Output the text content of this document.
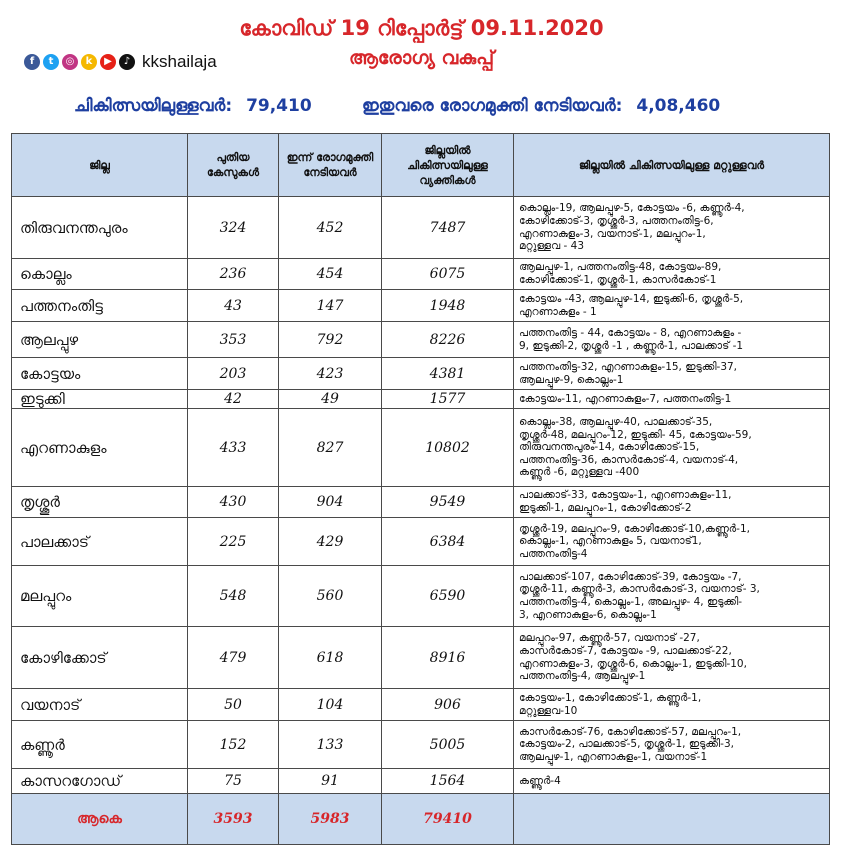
കോവിഡ് 19 റിപ്പോർട്ട് 09.11.2020
ആരോഗ്യ വകുപ്പ്
f	t	◎	k	▶	♪ kkshailaja
ചികിത്സയിലുള്ളവർ: 79,410	ഇതുവരെ രോഗമുക്തി നേടിയവർ: 4,08,460
ജില്ല	പുതിയ കേസുകൾ	ഇന്ന് രോഗമുക്തി നേടിയവർ	ജില്ലയിൽ ചികിത്സയിലുള്ള വ്യക്തികൾ	ജില്ലയിൽ ചികിത്സയിലുള്ള മറ്റുള്ളവർ
തിരുവനന്തപുരം	324	452	7487	കൊല്ലം-19, ആലപ്പുഴ-5, കോട്ടയം -6, കണ്ണൂർ-4,
കോഴിക്കോട്-3, തൃശ്ശൂർ-3, പത്തനംതിട്ട-6,
എറണാകുളം-3, വയനാട്-1, മലപ്പുറം-1,
മറ്റുള്ളവ - 43
കൊല്ലം	236	454	6075	ആലപ്പുഴ-1, പത്തനംതിട്ട-48, കോട്ടയം-89,
കോഴിക്കോട്-1, തൃശ്ശൂർ-1, കാസർകോട്-1
പത്തനംതിട്ട	43	147	1948	കോട്ടയം -43, ആലപ്പുഴ-14, ഇടുക്കി-6, തൃശ്ശൂർ-5,
എറണാകുളം - 1
ആലപ്പുഴ	353	792	8226	പത്തനംതിട്ട - 44, കോട്ടയം - 8, എറണാകുളം -
9, ഇടുക്കി-2, തൃശ്ശൂർ -1 , കണ്ണൂർ-1, പാലക്കാട് -1
കോട്ടയം	203	423	4381	പത്തനംതിട്ട-32, എറണാകുളം-15, ഇടുക്കി-37,
ആലപ്പുഴ-9, കൊല്ലം-1
ഇടുക്കി	42	49	1577	കോട്ടയം-11, എറണാകുളം-7, പത്തനംതിട്ട-1
എറണാകുളം	433	827	10802	കൊല്ലം-38, ആലപ്പുഴ-40, പാലക്കാട്-35,
തൃശ്ശൂർ-48, മലപ്പുറം-12, ഇടുക്കി- 45, കോട്ടയം-59,
തിരുവനന്തപുരം-14, കോഴിക്കോട്-15,
പത്തനംതിട്ട-36, കാസർകോട്-4, വയനാട്-4,
കണ്ണൂർ -6, മറ്റുള്ളവ -400
തൃശ്ശൂർ	430	904	9549	പാലക്കാട്-33, കോട്ടയം-1, എറണാകുളം-11,
ഇടുക്കി-1, മലപ്പുറം-1, കോഴിക്കോട്-2
പാലക്കാട്	225	429	6384	തൃശ്ശൂർ-19, മലപ്പുറം-9, കോഴിക്കോട്-10,കണ്ണൂർ-1,
കൊല്ലം-1, എറണാകുളം 5, വയനാട്1,
പത്തനംതിട്ട-4
മലപ്പുറം	548	560	6590	പാലക്കാട്-107, കോഴിക്കോട്-39, കോട്ടയം -7,
തൃശ്ശൂർ-11, കണ്ണൂർ-3, കാസർകോട്-3, വയനാട്- 3,
പത്തനംതിട്ട-4, കൊല്ലം-1, അലപ്പുഴ- 4, ഇടുക്കി-
3, എറണാകുളം-6, കൊല്ലം-1
കോഴിക്കോട്	479	618	8916	മലപ്പുറം-97, കണ്ണൂർ-57, വയനാട് -27,
കാസർകോട്-7, കോട്ടയം -9, പാലക്കാട്-22,
എറണാകുളം-3, തൃശ്ശൂർ-6, കൊല്ലം-1, ഇടുക്കി-10,
പത്തനംതിട്ട-4, ആലപ്പുഴ-1
വയനാട്	50	104	906	കോട്ടയം-1, കോഴിക്കോട്-1, കണ്ണൂർ-1,
മറ്റുള്ളവ-10
കണ്ണൂർ	152	133	5005	കാസർകോട്-76, കോഴിക്കോട്-57, മലപ്പുറം-1,
കോട്ടയം-2, പാലക്കാട്-5, തൃശ്ശൂർ-1, ഇടുക്കി-3,
ആലപ്പുഴ-1, എറണാകുളം-1, വയനാട്-1
കാസറഗോഡ്	75	91	1564	കണ്ണൂർ-4
ആകെ	3593	5983	79410	
